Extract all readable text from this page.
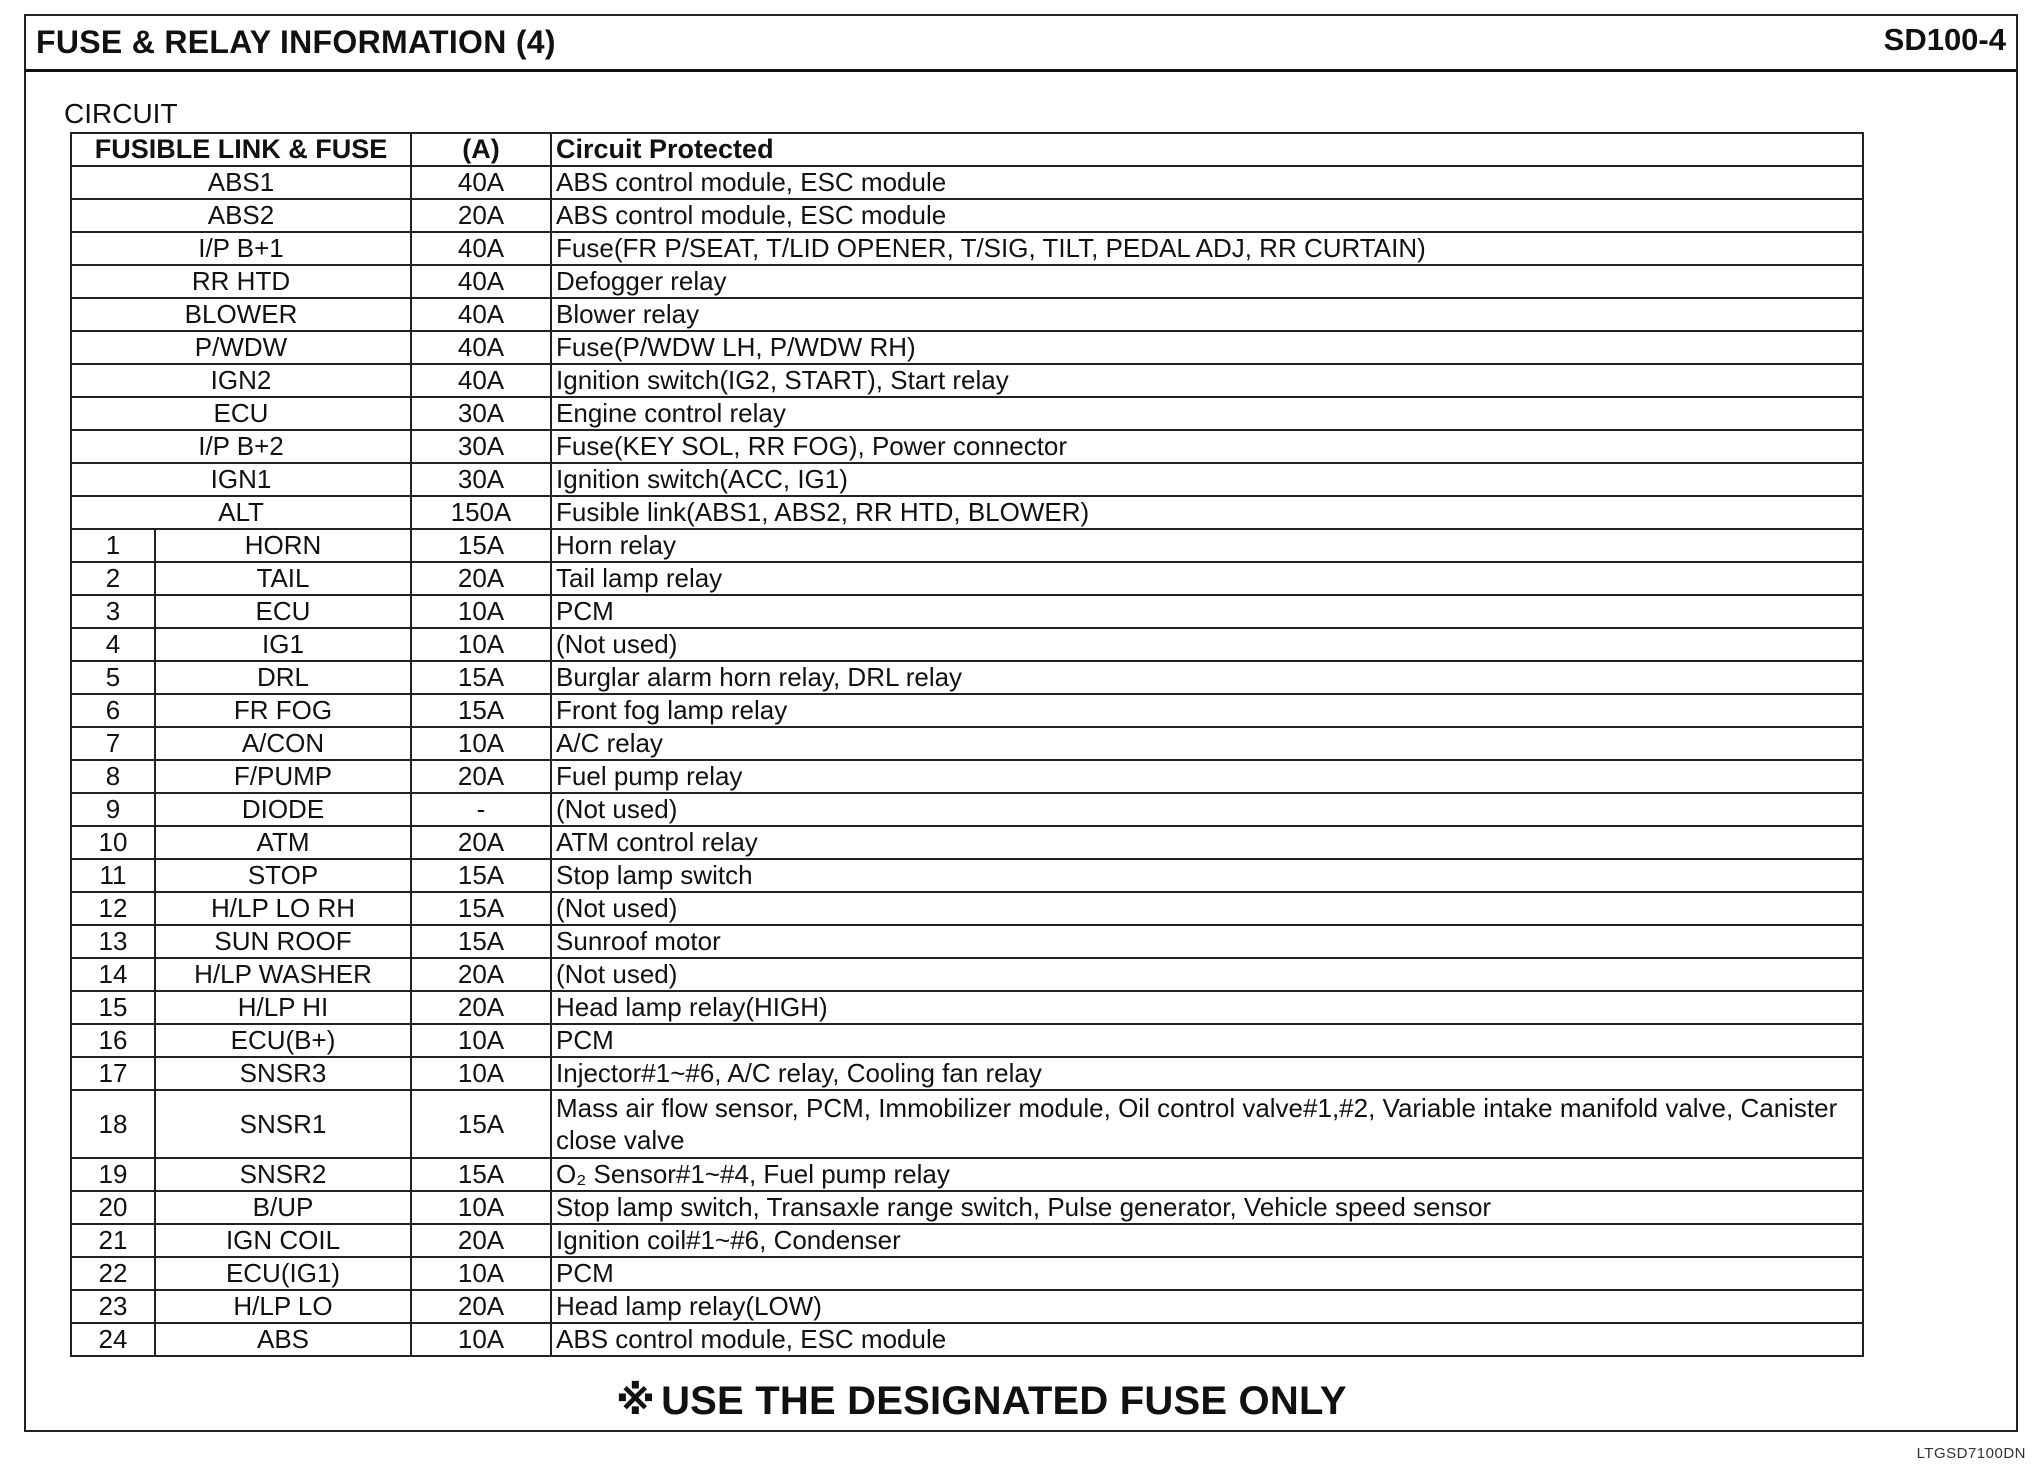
FUSE & RELAY INFORMATION (4)	SD100-4
CIRCUIT
FUSIBLE LINK & FUSE		(A)	Circuit Protected
ABS1		40A	ABS control module, ESC module
ABS2		20A	ABS control module, ESC module
I/P B+1		40A	Fuse(FR P/SEAT, T/LID OPENER, T/SIG, TILT, PEDAL ADJ, RR CURTAIN)
RR HTD		40A	Defogger relay
BLOWER		40A	Blower relay
P/WDW		40A	Fuse(P/WDW LH, P/WDW RH)
IGN2		40A	Ignition switch(IG2, START), Start relay
ECU		30A	Engine control relay
I/P B+2		30A	Fuse(KEY SOL, RR FOG), Power connector
IGN1		30A	Ignition switch(ACC, IG1)
ALT		150A	Fusible link(ABS1, ABS2, RR HTD, BLOWER)
1	HORN	15A	Horn relay
2	TAIL	20A	Tail lamp relay
3	ECU	10A	PCM
4	IG1	10A	(Not used)
5	DRL	15A	Burglar alarm horn relay, DRL relay
6	FR FOG	15A	Front fog lamp relay
7	A/CON	10A	A/C relay
8	F/PUMP	20A	Fuel pump relay
9	DIODE	-	(Not used)
10	ATM	20A	ATM control relay
11	STOP	15A	Stop lamp switch
12	H/LP LO RH	15A	(Not used)
13	SUN ROOF	15A	Sunroof motor
14	H/LP WASHER	20A	(Not used)
15	H/LP HI	20A	Head lamp relay(HIGH)
16	ECU(B+)	10A	PCM
17	SNSR3	10A	Injector#1~#6, A/C relay, Cooling fan relay
18	SNSR1	15A	Mass air flow sensor, PCM, Immobilizer module, Oil control valve#1,#2, Variable intake manifold valve, Canister close valve
19	SNSR2	15A	O₂ Sensor#1~#4, Fuel pump relay
20	B/UP	10A	Stop lamp switch, Transaxle range switch, Pulse generator, Vehicle speed sensor
21	IGN COIL	20A	Ignition coil#1~#6, Condenser
22	ECU(IG1)	10A	PCM
23	H/LP LO	20A	Head lamp relay(LOW)
24	ABS	10A	ABS control module, ESC module
※ USE THE DESIGNATED FUSE ONLY
LTGSD7100DN
